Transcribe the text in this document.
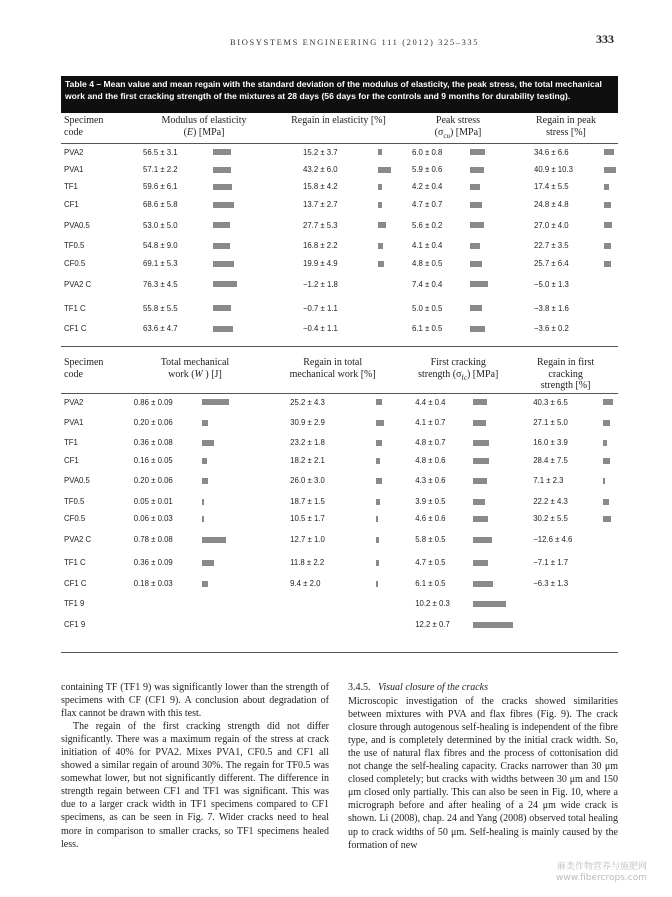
BIOSYSTEMS ENGINEERING 111 (2012) 325–335	333
Table 4 – Mean value and mean regain with the standard deviation of the modulus of elasticity, the peak stress, the total mechanical work and the first cracking strength of the mixtures at 28 days (56 days for the controls and 9 months for durability testing).
Specimen
code	Modulus of elasticity
(E) [MPa]	Regain in elasticity [%]	Peak stress
$(\sigma_{cu})$ [MPa]	Regain in peak
stress [%]
PVA2	56.5 ± 3.1	15.2 ± 3.7	6.0 ± 0.8	34.6 ± 6.6
PVA1	57.1 ± 2.2	43.2 ± 6.0	5.9 ± 0.6	40.9 ± 10.3
TF1	59.6 ± 6.1	15.8 ± 4.2	4.2 ± 0.4	17.4 ± 5.5
CF1	68.6 ± 5.8	13.7 ± 2.7	4.7 ± 0.7	24.8 ± 4.8
PVA0.5	53.0 ± 5.0	27.7 ± 5.3	5.6 ± 0.2	27.0 ± 4.0
TF0.5	54.8 ± 9.0	16.8 ± 2.2	4.1 ± 0.4	22.7 ± 3.5
CF0.5	69.1 ± 5.3	19.9 ± 4.9	4.8 ± 0.5	25.7 ± 6.4
PVA2 C	76.3 ± 4.5	−1.2 ± 1.8	7.4 ± 0.4	−5.0 ± 1.3
TF1 C	55.8 ± 5.5	−0.7 ± 1.1	5.0 ± 0.5	−3.8 ± 1.6
CF1 C	63.6 ± 4.7	−0.4 ± 1.1	6.1 ± 0.5	−3.6 ± 0.2
Specimen
code	Total mechanical
work (W ) [J]	Regain in total
mechanical work [%]	First cracking
strength $(\sigma_{fc})$ [MPa]	Regain in first
cracking
strength [%]
PVA2	0.86 ± 0.09	25.2 ± 4.3	4.4 ± 0.4	40.3 ± 6.5
PVA1	0.20 ± 0.06	30.9 ± 2.9	4.1 ± 0.7	27.1 ± 5.0
TF1	0.36 ± 0.08	23.2 ± 1.8	4.8 ± 0.7	16.0 ± 3.9
CF1	0.16 ± 0.05	18.2 ± 2.1	4.8 ± 0.6	28.4 ± 7.5
PVA0.5	0.20 ± 0.06	26.0 ± 3.0	4.3 ± 0.6	7.1 ± 2.3
TF0.5	0.05 ± 0.01	18.7 ± 1.5	3.9 ± 0.5	22.2 ± 4.3
CF0.5	0.06 ± 0.03	10.5 ± 1.7	4.6 ± 0.6	30.2 ± 5.5
PVA2 C	0.78 ± 0.08	12.7 ± 1.0	5.8 ± 0.5	−12.6 ± 4.6
TF1 C	0.36 ± 0.09	11.8 ± 2.2	4.7 ± 0.5	−7.1 ± 1.7
CF1 C	0.18 ± 0.03	9.4 ± 2.0	6.1 ± 0.5	−6.3 ± 1.3
TF1 9			10.2 ± 0.3	
CF1 9			12.2 ± 0.7	

containing TF (TF1 9) was significantly lower than the strength of specimens with CF (CF1 9). A conclusion about degradation of flax cannot be drawn with this test.

The regain of the first cracking strength did not differ significantly. There was a maximum regain of the stress at crack initiation of 40% for PVA2. Mixes PVA1, CF0.5 and CF1 all showed a similar regain of around 30%. The regain for TF0.5 was somewhat lower, but not significantly different. The difference in strength regain between CF1 and TF1 was significant. This was due to a larger crack width in TF1 specimens compared to CF1 specimens, as can be seen in Fig. 7. Wider cracks need to heal more in comparison to smaller cracks, so TF1 specimens healed less.

3.4.5. Visual closure of the cracks

Microscopic investigation of the cracks showed similarities between mixtures with PVA and flax fibres (Fig. 9). The crack closure through autogenous self-healing is independent of the fibre type, and is completely determined by the initial crack width. So, the use of natural flax fibres and the process of cottonisation did not change the self-healing capacity. Cracks narrower than 30 μm closed completely; but cracks with widths between 30 μm and 150 μm closed only partially. This can also be seen in Fig. 10, where a micrograph before and after healing of a 24 μm wide crack is shown. Li (2008), chap. 24 and Yang (2008) observed total healing up to crack widths of 50 μm. Self-healing is mainly caused by the formation of new

麻类作物营养与施肥网
www.fibercrops.com
